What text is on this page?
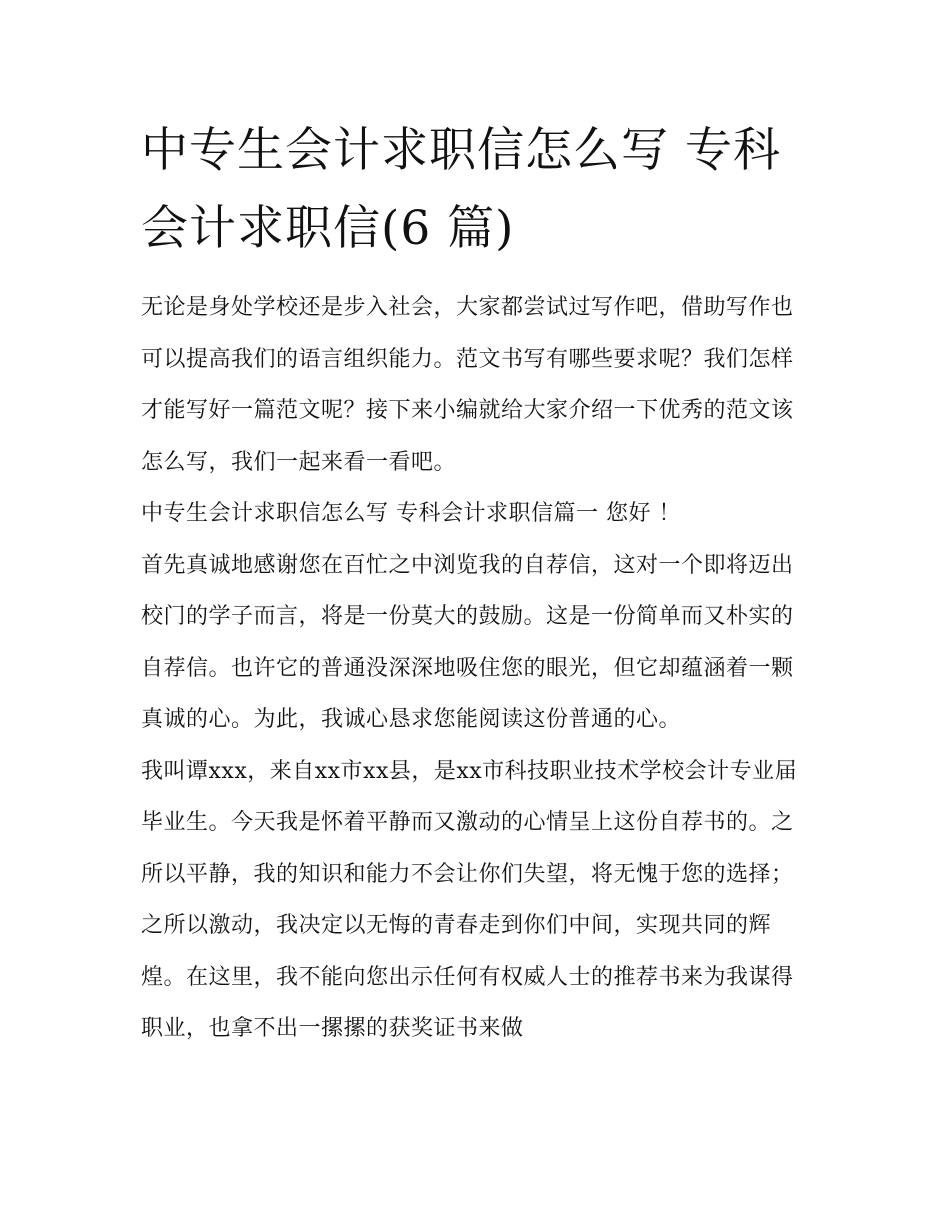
中专生会计求职信怎么写 专科会计求职信(6 篇)

无论是身处学校还是步入社会，大家都尝试过写作吧，借助写作也可以提高我们的语言组织能力。范文书写有哪些要求呢？我们怎样才能写好一篇范文呢？接下来小编就给大家介绍一下优秀的范文该怎么写，我们一起来看一看吧。

中专生会计求职信怎么写 专科会计求职信篇一 您好 ！

首先真诚地感谢您在百忙之中浏览我的自荐信，这对一个即将迈出校门的学子而言，将是一份莫大的鼓励。这是一份简单而又朴实的自荐信。也许它的普通没深深地吸住您的眼光，但它却蕴涵着一颗真诚的心。为此，我诚心恳求您能阅读这份普通的心。

我叫谭xxx，来自xx市xx县，是xx市科技职业技术学校会计专业届毕业生。今天我是怀着平静而又激动的心情呈上这份自荐书的。之所以平静，我的知识和能力不会让你们失望，将无愧于您的选择；之所以激动，我决定以无悔的青春走到你们中间，实现共同的辉煌。在这里，我不能向您出示任何有权威人士的推荐书来为我谋得职业，也拿不出一摞摞的获奖证书来做
